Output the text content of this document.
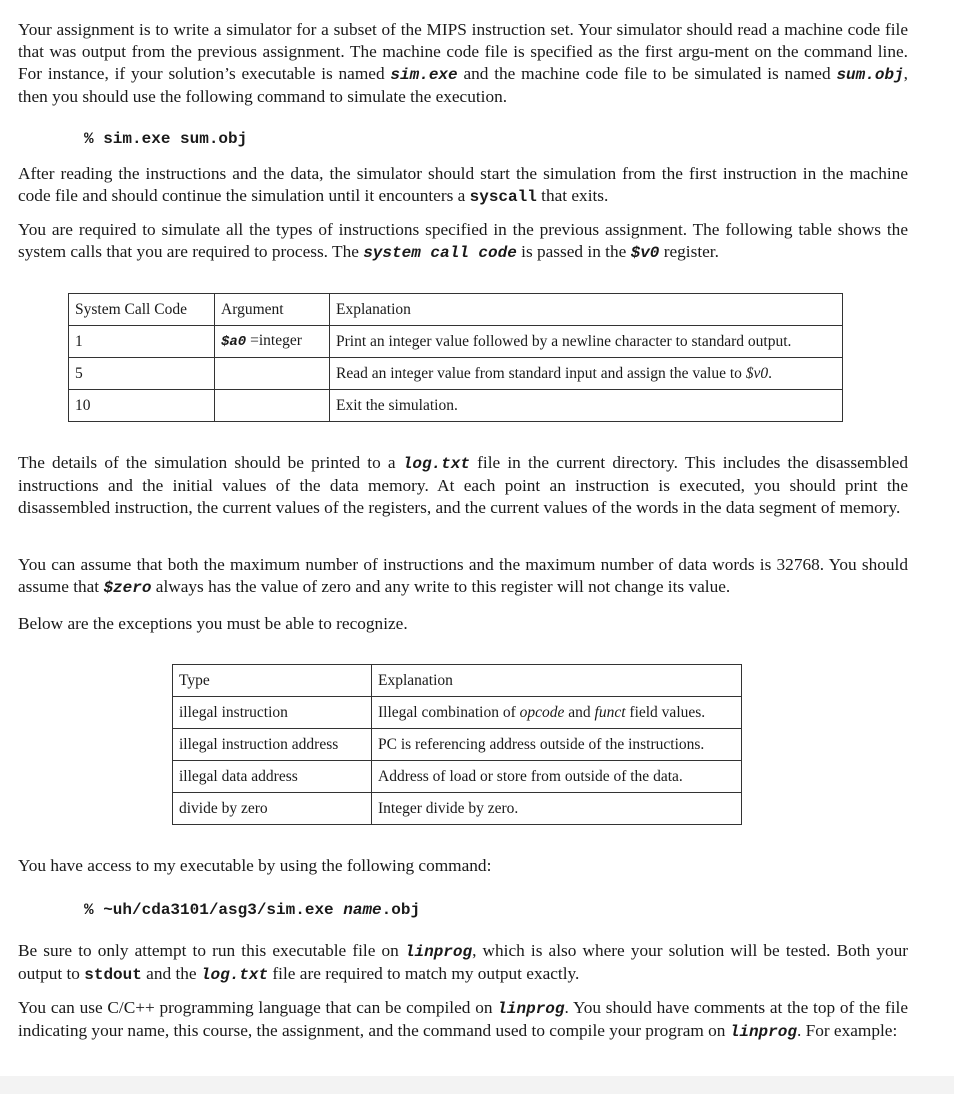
Your assignment is to write a simulator for a subset of the MIPS instruction set. Your simulator should read a machine code file that was output from the previous assignment. The machine code file is specified as the first argu-ment on the command line. For instance, if your solution’s executable is named sim.exe and the machine code file to be simulated is named sum.obj, then you should use the following command to simulate the execution.

% sim.exe sum.obj

After reading the instructions and the data, the simulator should start the simulation from the first instruction in the machine code file and should continue the simulation until it encounters a syscall that exits.

You are required to simulate all the types of instructions specified in the previous assignment. The following table shows the system calls that you are required to process. The system call code is passed in the $v0 register.

System Call Code	Argument	Explanation
1	$a0 =integer	Print an integer value followed by a newline character to standard output.
5		Read an integer value from standard input and assign the value to $v0.
10		Exit the simulation.

The details of the simulation should be printed to a log.txt file in the current directory. This includes the disassembled instructions and the initial values of the data memory. At each point an instruction is executed, you should print the disassembled instruction, the current values of the registers, and the current values of the words in the data segment of memory.

You can assume that both the maximum number of instructions and the maximum number of data words is 32768. You should assume that $zero always has the value of zero and any write to this register will not change its value.

Below are the exceptions you must be able to recognize.

Type	Explanation
illegal instruction	Illegal combination of opcode and funct field values.
illegal instruction address	PC is referencing address outside of the instructions.
illegal data address	Address of load or store from outside of the data.
divide by zero	Integer divide by zero.

You have access to my executable by using the following command:

% ~uh/cda3101/asg3/sim.exe name.obj

Be sure to only attempt to run this executable file on linprog, which is also where your solution will be tested. Both your output to stdout and the log.txt file are required to match my output exactly.

You can use C/C++ programming language that can be compiled on linprog. You should have comments at the top of the file indicating your name, this course, the assignment, and the command used to compile your program on linprog. For example:
